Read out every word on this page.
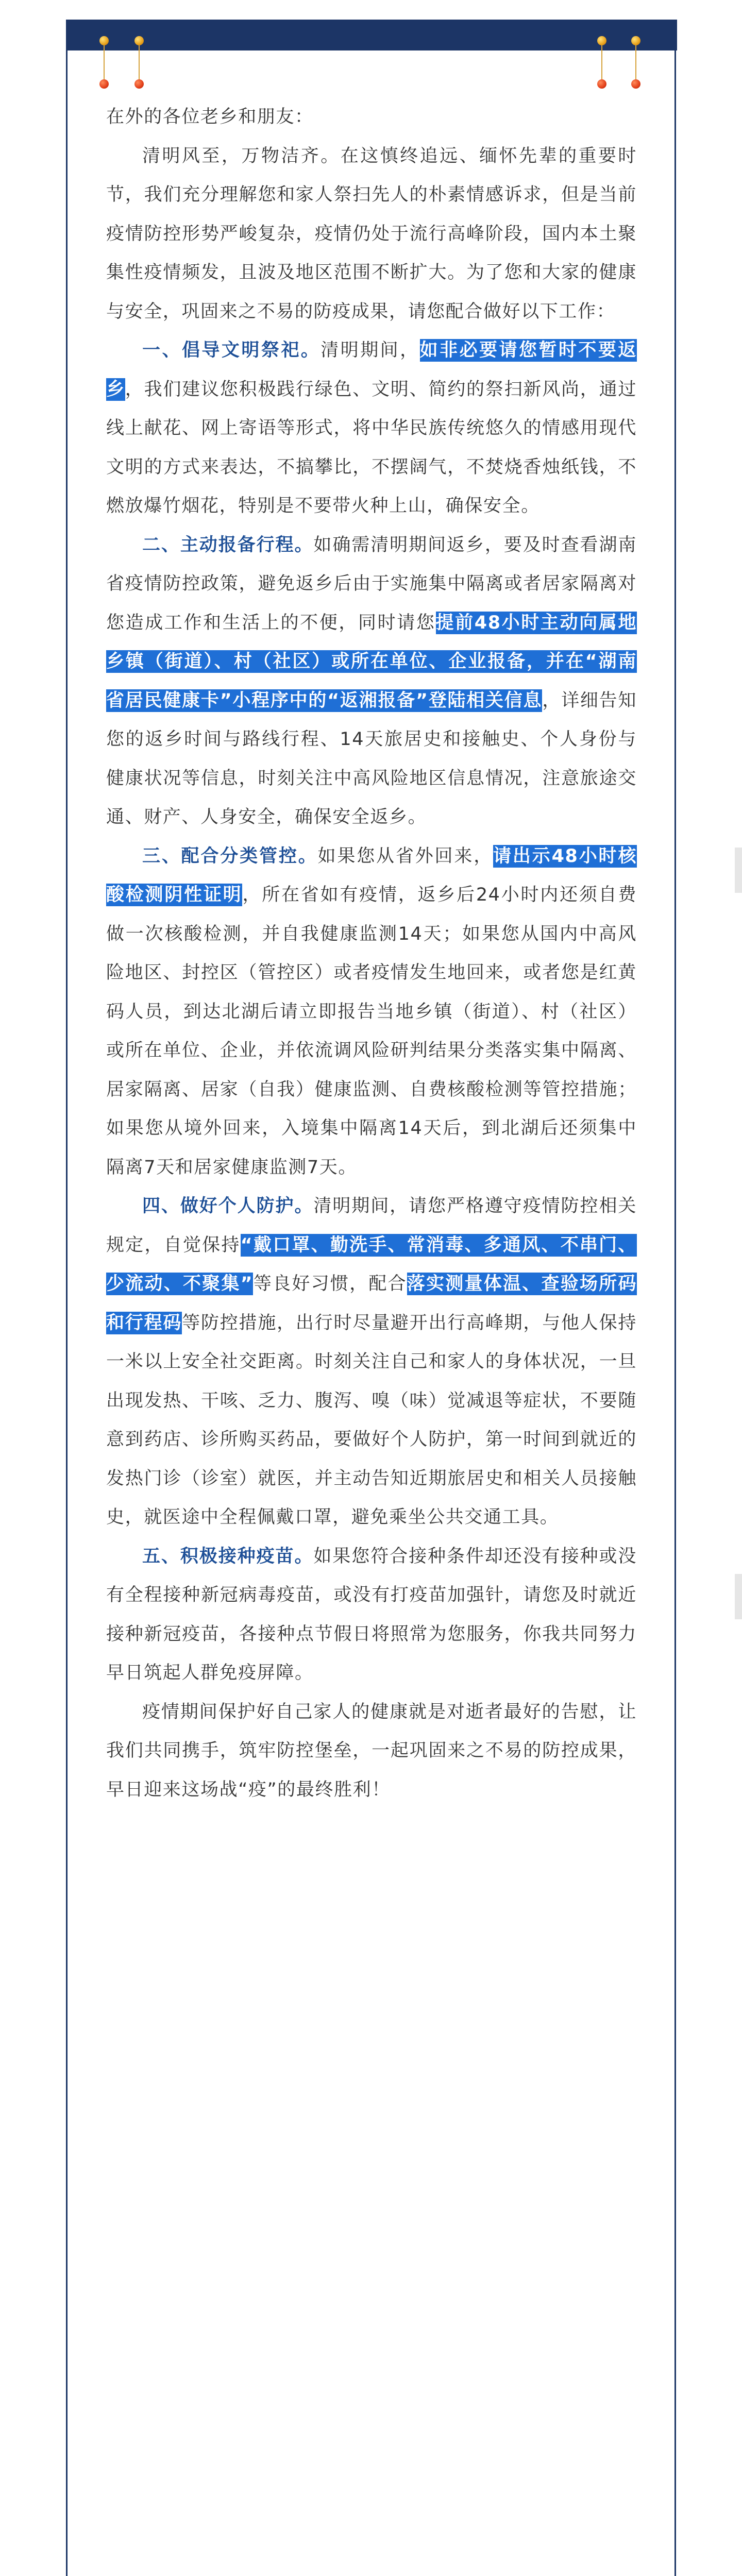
在外的各位老乡和朋友：

清明风至，万物洁齐。在这慎终追远、缅怀先辈的重要时节，我们充分理解您和家人祭扫先人的朴素情感诉求，但是当前疫情防控形势严峻复杂，疫情仍处于流行高峰阶段，国内本土聚集性疫情频发，且波及地区范围不断扩大。为了您和大家的健康与安全，巩固来之不易的防疫成果，请您配合做好以下工作：

一、倡导文明祭祀。清明期间，如非必要请您暂时不要返乡，我们建议您积极践行绿色、文明、简约的祭扫新风尚，通过线上献花、网上寄语等形式，将中华民族传统悠久的情感用现代文明的方式来表达，不搞攀比，不摆阔气，不焚烧香烛纸钱，不燃放爆竹烟花，特别是不要带火种上山，确保安全。

二、主动报备行程。如确需清明期间返乡，要及时查看湖南省疫情防控政策，避免返乡后由于实施集中隔离或者居家隔离对您造成工作和生活上的不便，同时请您提前48小时主动向属地乡镇（街道）、村（社区）或所在单位、企业报备，并在“湖南省居民健康卡”小程序中的“返湘报备”登陆相关信息，详细告知您的返乡时间与路线行程、14天旅居史和接触史、个人身份与健康状况等信息，时刻关注中高风险地区信息情况，注意旅途交通、财产、人身安全，确保安全返乡。

三、配合分类管控。如果您从省外回来，请出示48小时核酸检测阴性证明，所在省如有疫情，返乡后24小时内还须自费做一次核酸检测，并自我健康监测14天；如果您从国内中高风险地区、封控区（管控区）或者疫情发生地回来，或者您是红黄码人员，到达北湖后请立即报告当地乡镇（街道）、村（社区）或所在单位、企业，并依流调风险研判结果分类落实集中隔离、居家隔离、居家（自我）健康监测、自费核酸检测等管控措施；如果您从境外回来，入境集中隔离14天后，到北湖后还须集中隔离7天和居家健康监测7天。

四、做好个人防护。清明期间，请您严格遵守疫情防控相关规定，自觉保持“戴口罩、勤洗手、常消毒、多通风、不串门、少流动、不聚集”等良好习惯，配合落实测量体温、查验场所码和行程码等防控措施，出行时尽量避开出行高峰期，与他人保持一米以上安全社交距离。时刻关注自己和家人的身体状况，一旦出现发热、干咳、乏力、腹泻、嗅（味）觉减退等症状，不要随意到药店、诊所购买药品，要做好个人防护，第一时间到就近的发热门诊（诊室）就医，并主动告知近期旅居史和相关人员接触史，就医途中全程佩戴口罩，避免乘坐公共交通工具。

五、积极接种疫苗。如果您符合接种条件却还没有接种或没有全程接种新冠病毒疫苗，或没有打疫苗加强针，请您及时就近接种新冠疫苗，各接种点节假日将照常为您服务，你我共同努力早日筑起人群免疫屏障。

疫情期间保护好自己家人的健康就是对逝者最好的告慰，让我们共同携手，筑牢防控堡垒，一起巩固来之不易的防控成果，早日迎来这场战“疫”的最终胜利！
